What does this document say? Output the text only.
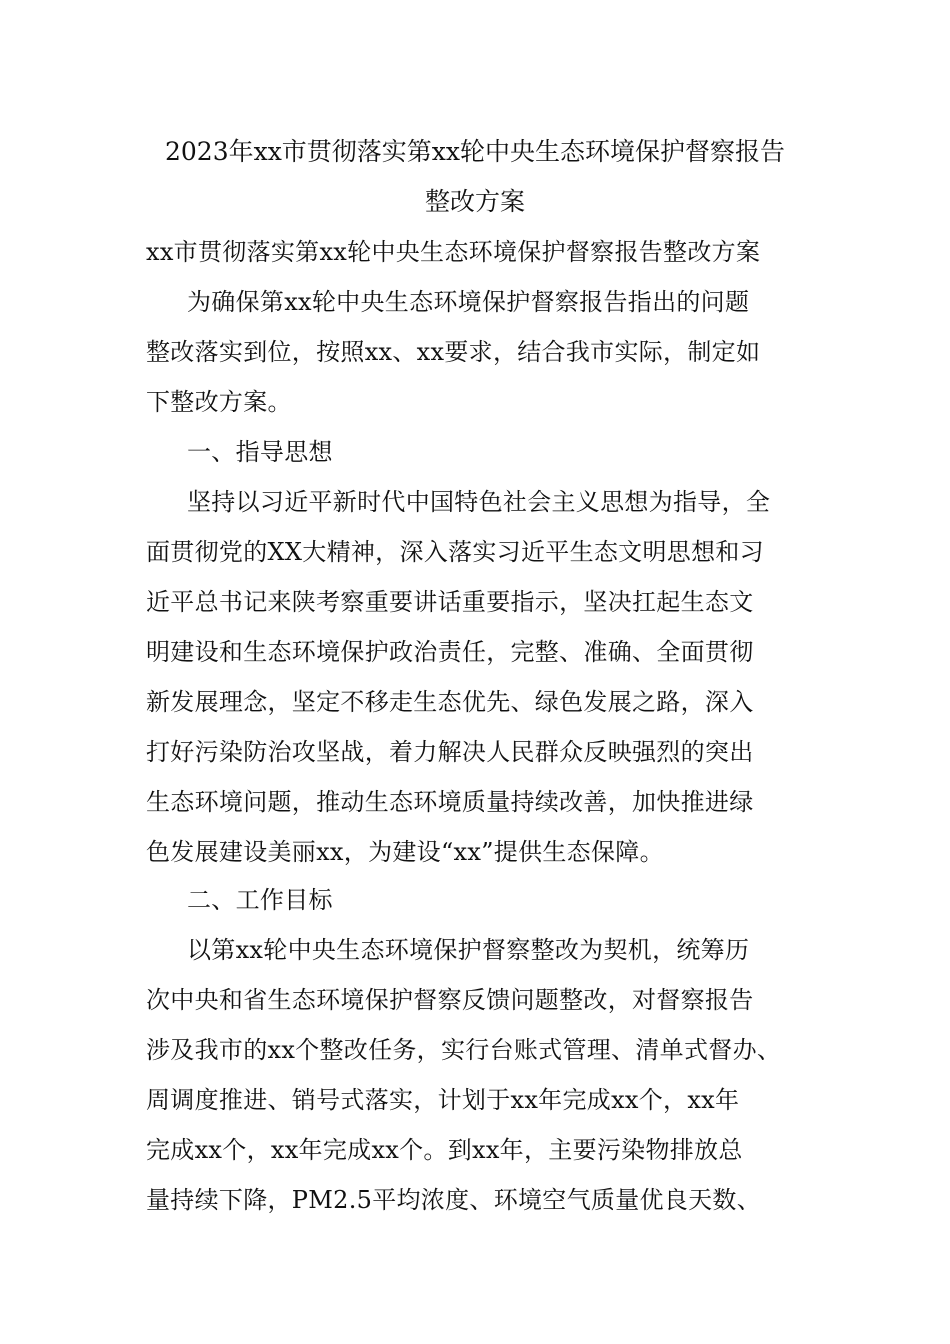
2023年xx市贯彻落实第xx轮中央生态环境保护督察报告
整改方案
xx市贯彻落实第xx轮中央生态环境保护督察报告整改方案
为确保第xx轮中央生态环境保护督察报告指出的问题
整改落实到位，按照xx、xx要求，结合我市实际，制定如
下整改方案。
一、指导思想
坚持以习近平新时代中国特色社会主义思想为指导，全
面贯彻党的XX大精神，深入落实习近平生态文明思想和习
近平总书记来陕考察重要讲话重要指示，坚决扛起生态文
明建设和生态环境保护政治责任，完整、准确、全面贯彻
新发展理念，坚定不移走生态优先、绿色发展之路，深入
打好污染防治攻坚战，着力解决人民群众反映强烈的突出
生态环境问题，推动生态环境质量持续改善，加快推进绿
色发展建设美丽xx，为建设“xx”提供生态保障。
二、工作目标
以第xx轮中央生态环境保护督察整改为契机，统筹历
次中央和省生态环境保护督察反馈问题整改，对督察报告
涉及我市的xx个整改任务，实行台账式管理、清单式督办、
周调度推进、销号式落实，计划于xx年完成xx个，xx年
完成xx个，xx年完成xx个。到xx年，主要污染物排放总
量持续下降，PM2.5平均浓度、环境空气质量优良天数、
